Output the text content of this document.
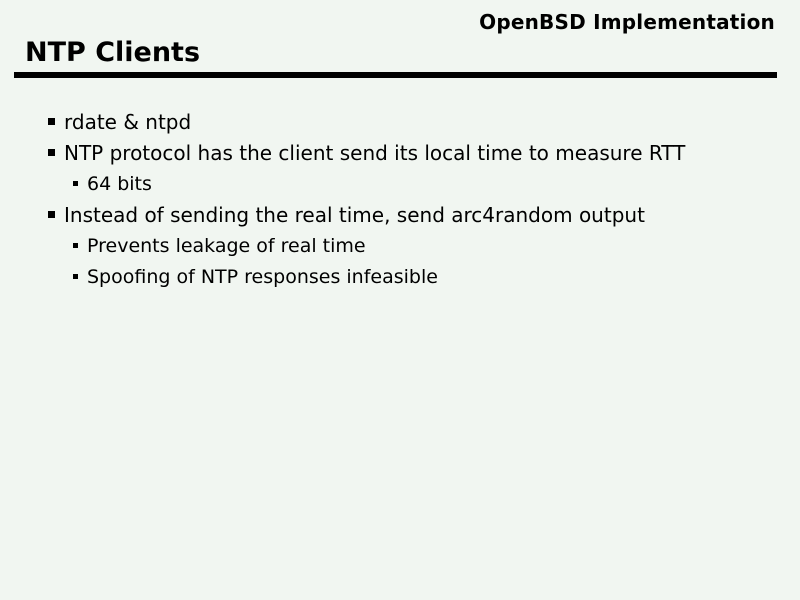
OpenBSD Implementation
NTP Clients
rdate & ntpd
NTP protocol has the client send its local time to measure RTT
64 bits
Instead of sending the real time, send arc4random output
Prevents leakage of real time
Spoofing of NTP responses infeasible
